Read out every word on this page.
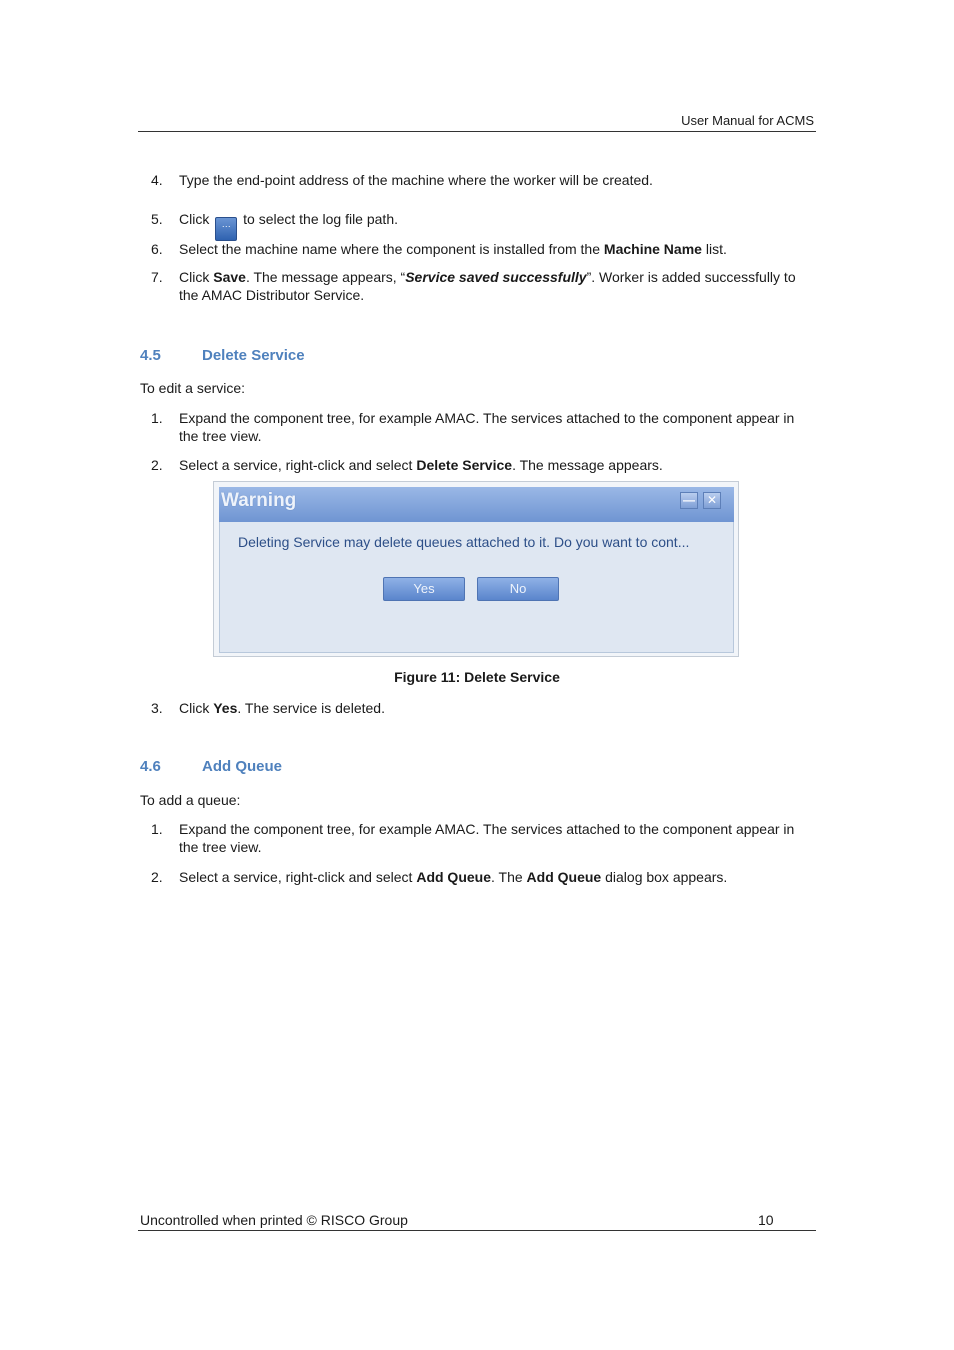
User Manual for ACMS
4.	Type the end-point address of the machine where the worker will be created.
5.	Click ··· to select the log file path.
6.	Select the machine name where the component is installed from the Machine Name list.
7.	Click Save. The message appears, “Service saved successfully”. Worker is added successfully to the AMAC Distributor Service.
4.5	Delete Service
To edit a service:
1.	Expand the component tree, for example AMAC. The services attached to the component appear in the tree view.
2.	Select a service, right-click and select Delete Service. The message appears.
Warning	— ✕
Deleting Service may delete queues attached to it. Do you want to cont...
Yes	No
Figure 11: Delete Service
3.	Click Yes. The service is deleted.
4.6	Add Queue
To add a queue:
1.	Expand the component tree, for example AMAC. The services attached to the component appear in the tree view.
2.	Select a service, right-click and select Add Queue. The Add Queue dialog box appears.
Uncontrolled when printed © RISCO Group	10
